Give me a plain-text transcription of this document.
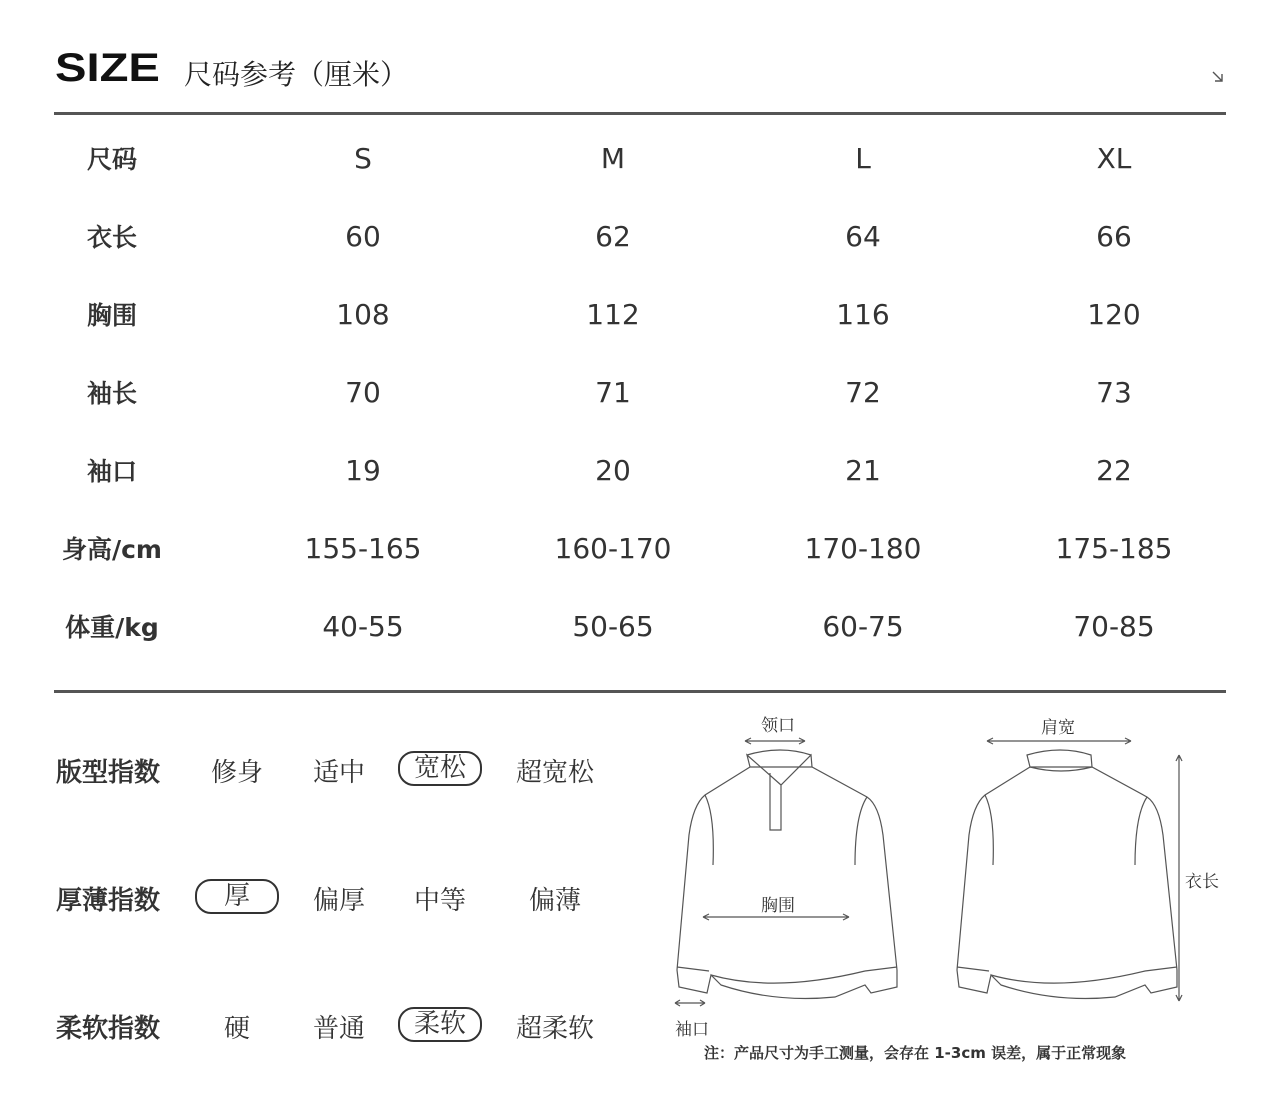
SIZE 尺码参考（厘米）
尺码	S	M	L	XL
衣长	60	62	64	66
胸围	108	112	116	120
袖长	70	71	72	73
袖口	19	20	21	22
身高/cm	155-165	160-170	170-180	175-185
体重/kg	40-55	50-65	60-75	70-85
版型指数	修身	适中	宽松	超宽松
厚薄指数	厚	偏厚	中等	偏薄
柔软指数	硬	普通	柔软	超柔软
领口	肩宽
衣长
胸围
袖口
注：产品尺寸为手工测量，会存在 1-3cm 误差，属于正常现象
